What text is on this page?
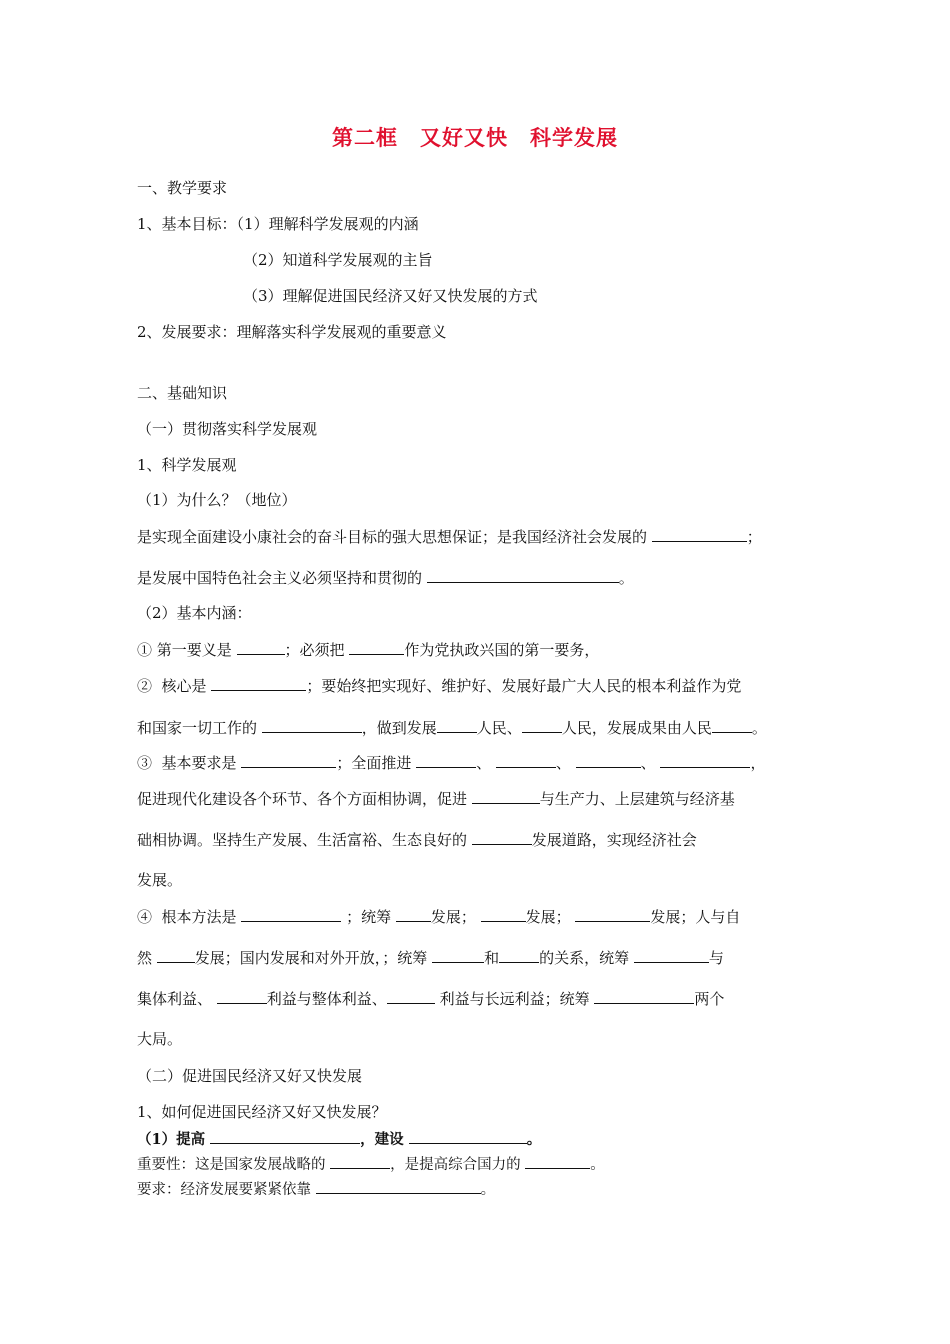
第二框　又好又快　科学发展
一、教学要求
1、基本目标：（1）理解科学发展观的内涵
（2）知道科学发展观的主旨
（3）理解促进国民经济又好又快发展的方式
2、发展要求：理解落实科学发展观的重要意义
二、基础知识
（一）贯彻落实科学发展观
1、科学发展观
（1）为什么？（地位）
是实现全面建设小康社会的奋斗目标的强大思想保证；是我国经济社会发展的	；
是发展中国特色社会主义必须坚持和贯彻的	。
（2）基本内涵：
① 第一要义是	；必须把	作为党执政兴国的第一要务，
②  核心是	；要始终把实现好、维护好、发展好最广大人民的根本利益作为党
和国家一切工作的	，做到发展	人民、	人民，发展成果由人民	。
③  基本要求是	；全面推进	、	、	、	，
促进现代化建设各个环节、各个方面相协调，促进	与生产力、上层建筑与经济基
础相协调。坚持生产发展、生活富裕、生态良好的	发展道路，实现经济社会
发展。
④  根本方法是	；统筹 发展；	发展；	发展；人与自
然	发展；国内发展和对外开放，；统筹	和	的关系，统筹	与
集体利益、	利益与整体利益、	利益与长远利益；统筹	两个
大局。
（二）促进国民经济又好又快发展
1、如何促进国民经济又好又快发展？
（1）提高	，建设	。
重要性：这是国家发展战略的	，是提高综合国力的	。
要求：经济发展要紧紧依靠	。
